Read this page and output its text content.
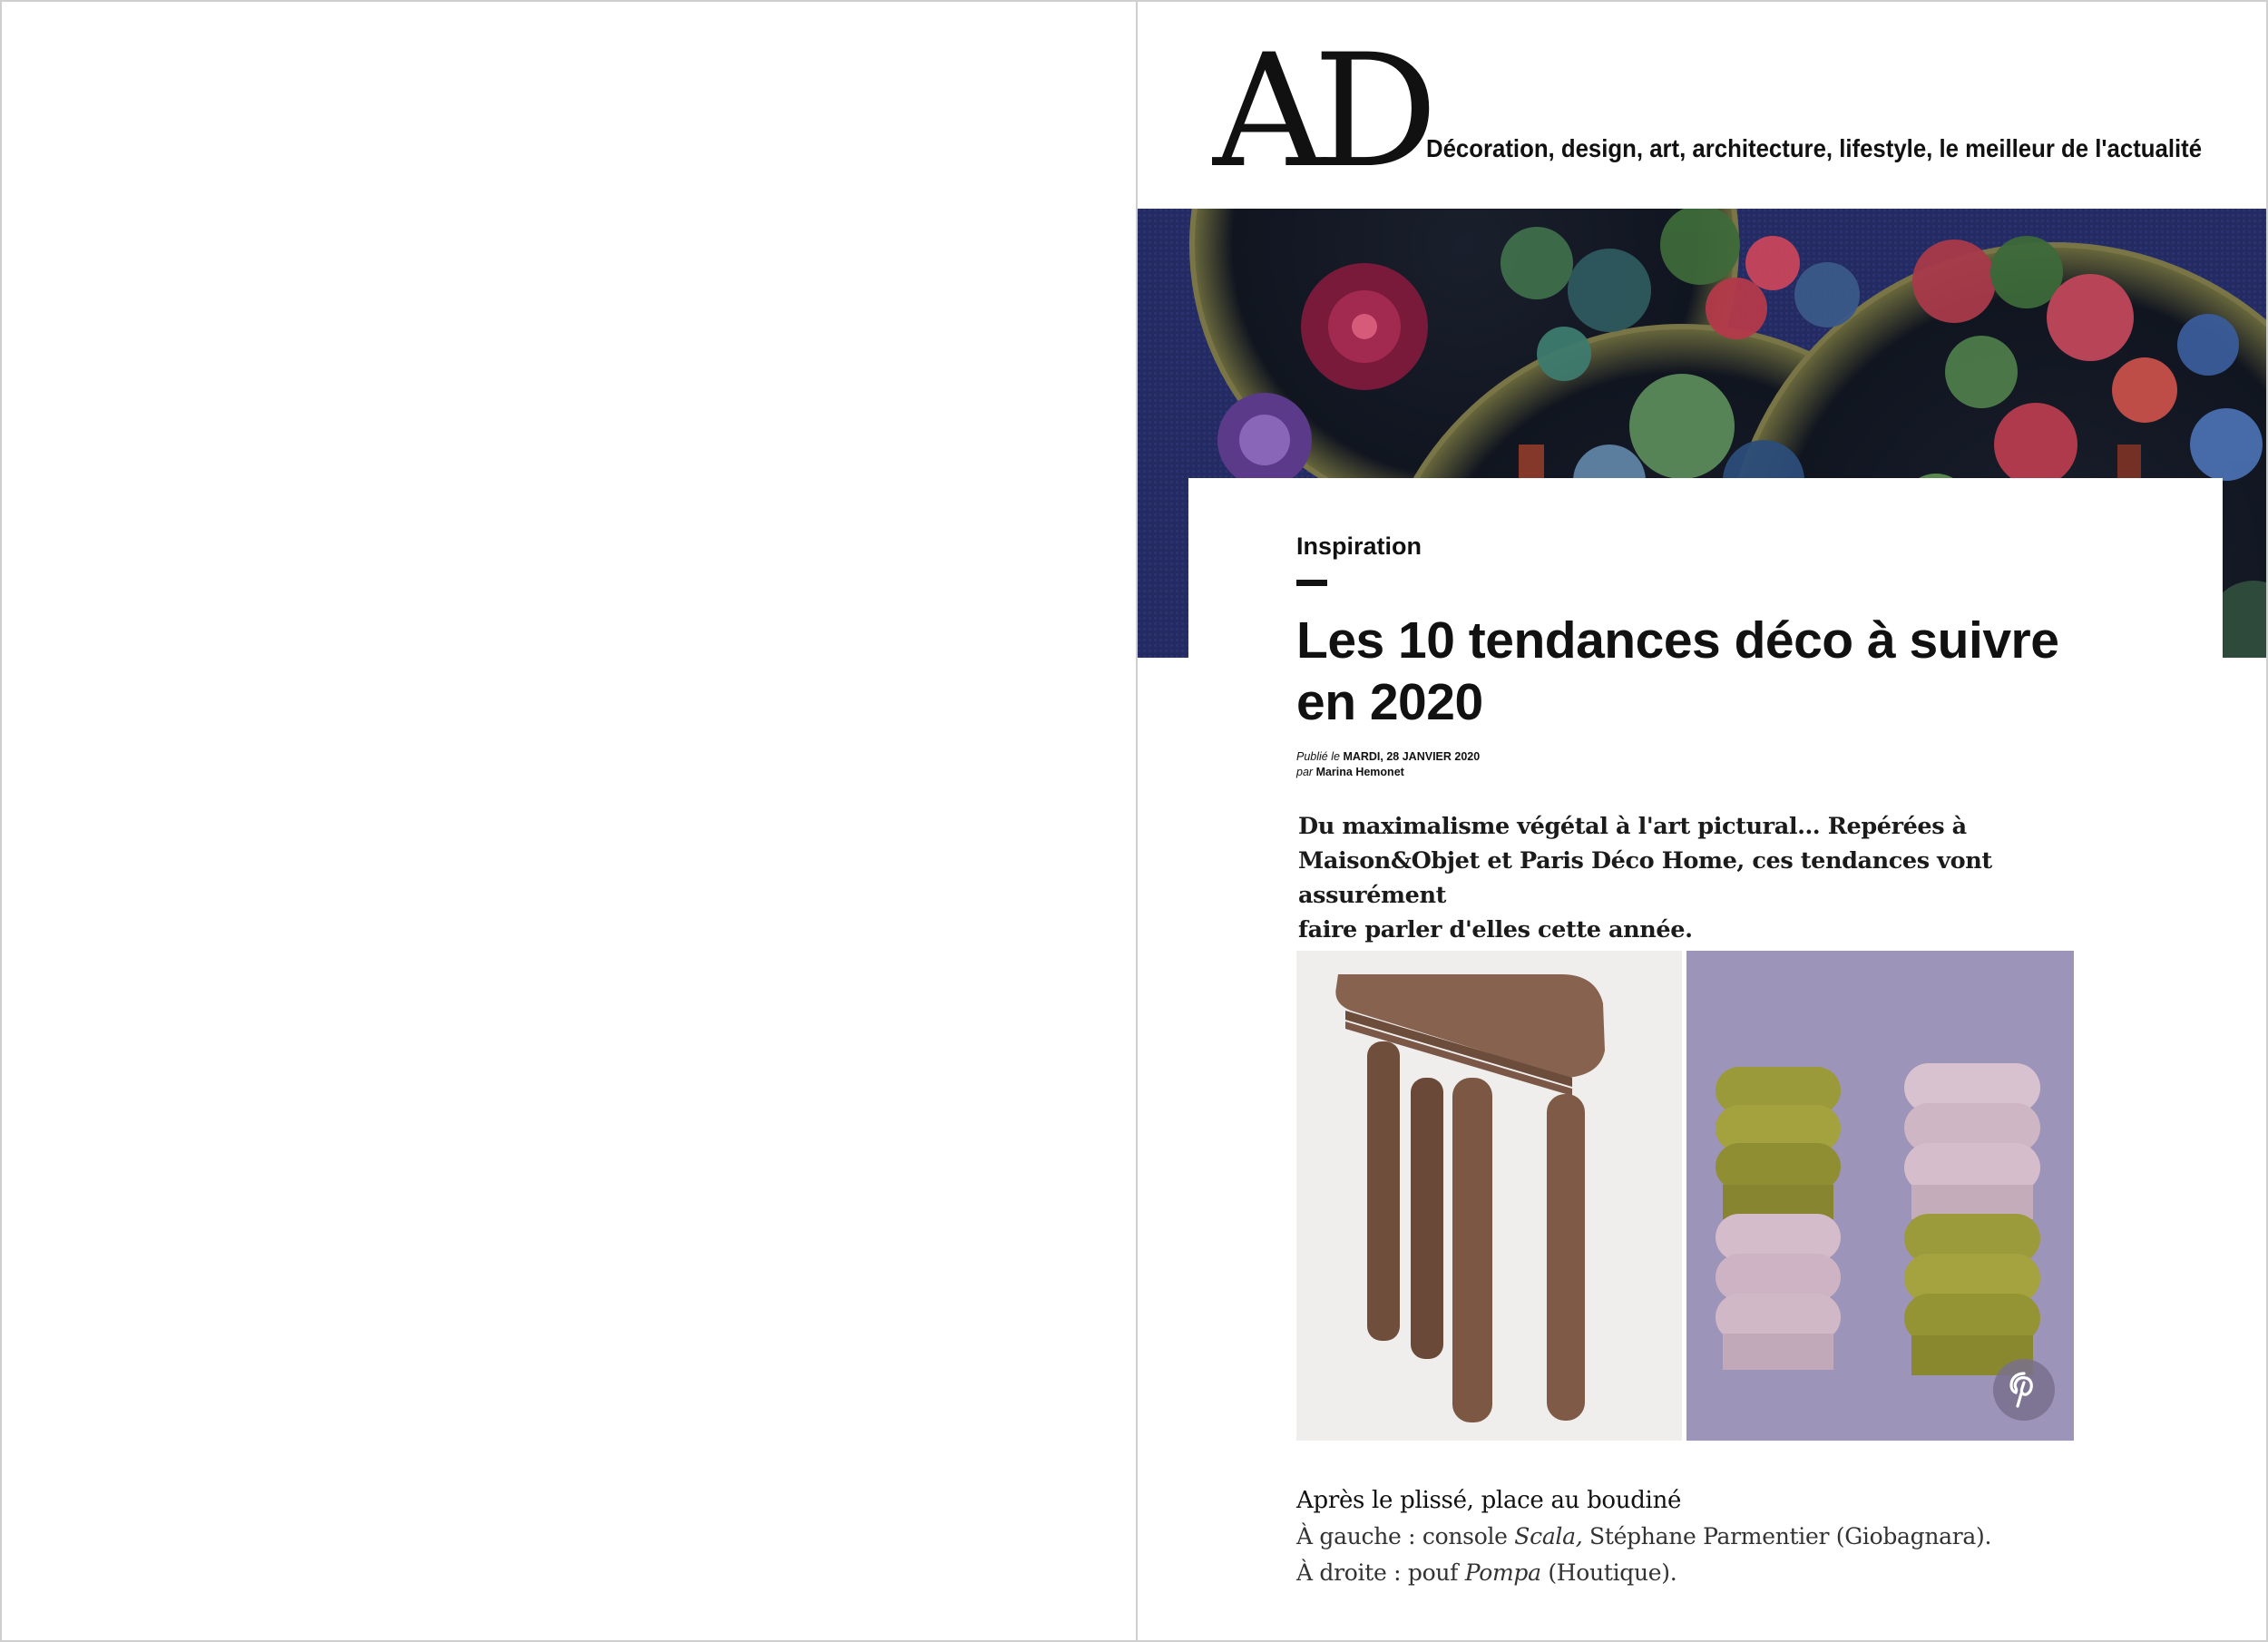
AD Décoration, design, art, architecture, lifestyle, le meilleur de l'actualité
Inspiration
Les 10 tendances déco à suivre
en 2020
Publié le MARDI, 28 JANVIER 2020
par Marina Hemonet

Du maximalisme végétal à l'art pictural… Repérées à
Maison&Objet et Paris Déco Home, ces tendances vont assurément
faire parler d'elles cette année.

Après le plissé, place au boudiné
À gauche : console Scala, Stéphane Parmentier (Giobagnara).
À droite : pouf Pompa (Houtique).
